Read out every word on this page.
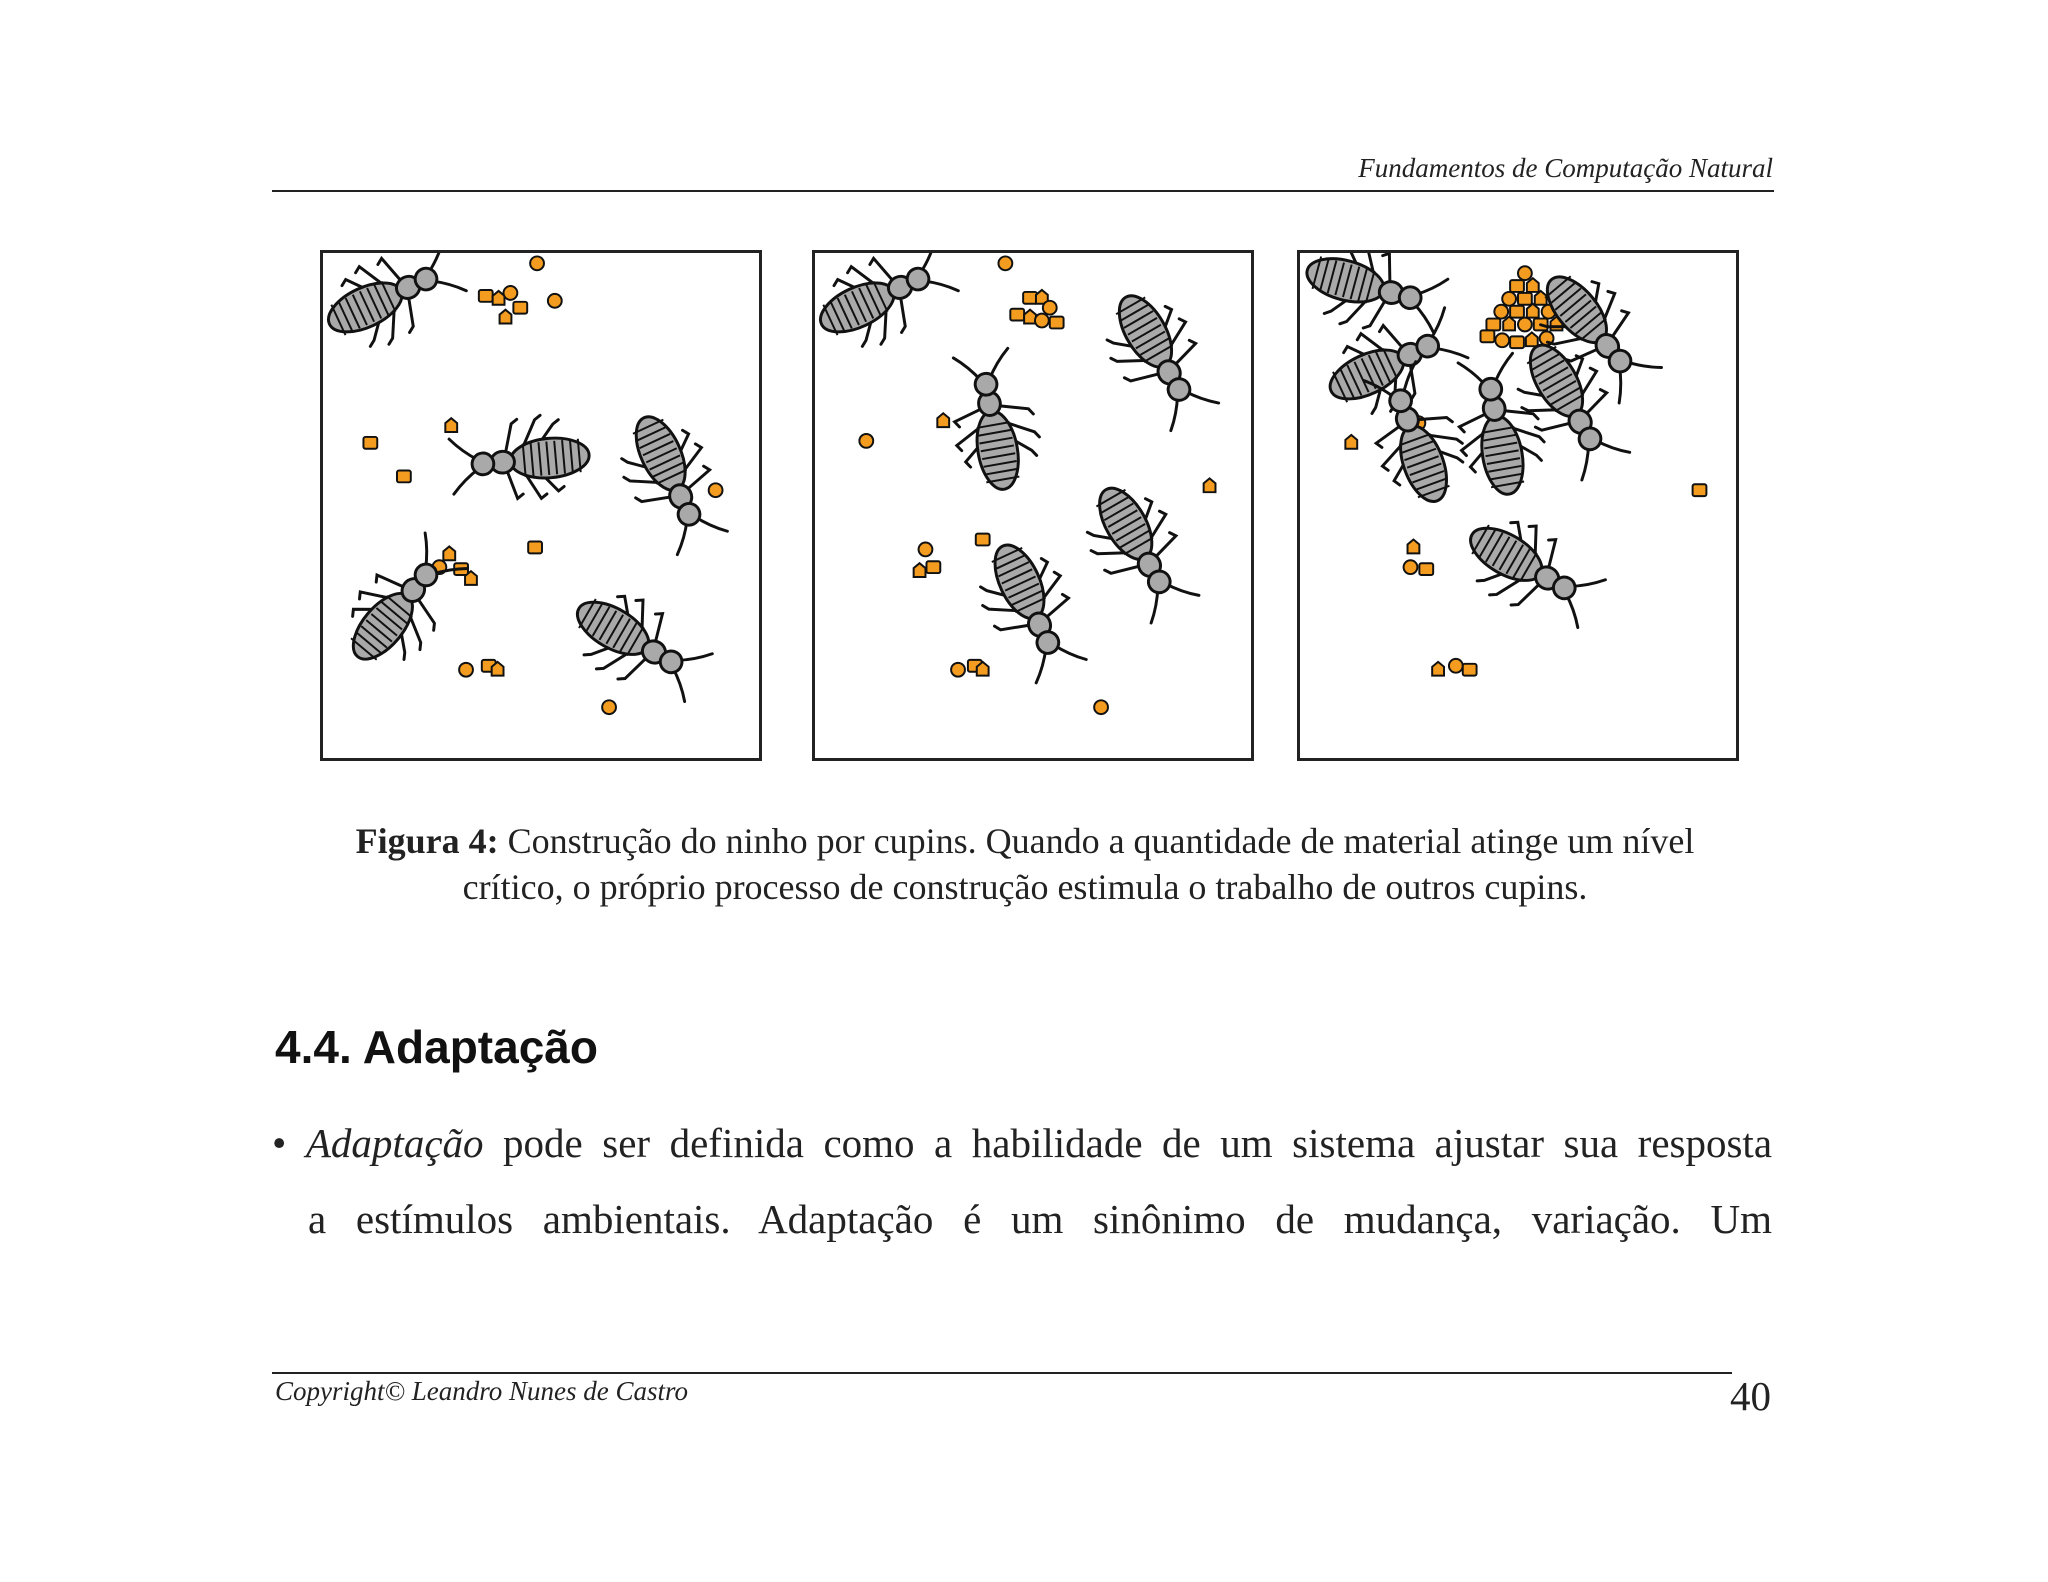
Fundamentos de Computação Natural
Figura 4: Construção do ninho por cupins. Quando a quantidade de material atinge um nível
crítico, o próprio processo de construção estimula o trabalho de outros cupins.
4.4. Adaptação
• Adaptação pode ser definida como a habilidade de um sistema ajustar sua resposta
a estímulos ambientais. Adaptação é um sinônimo de mudança, variação. Um
Copyright© Leandro Nunes de Castro	40
